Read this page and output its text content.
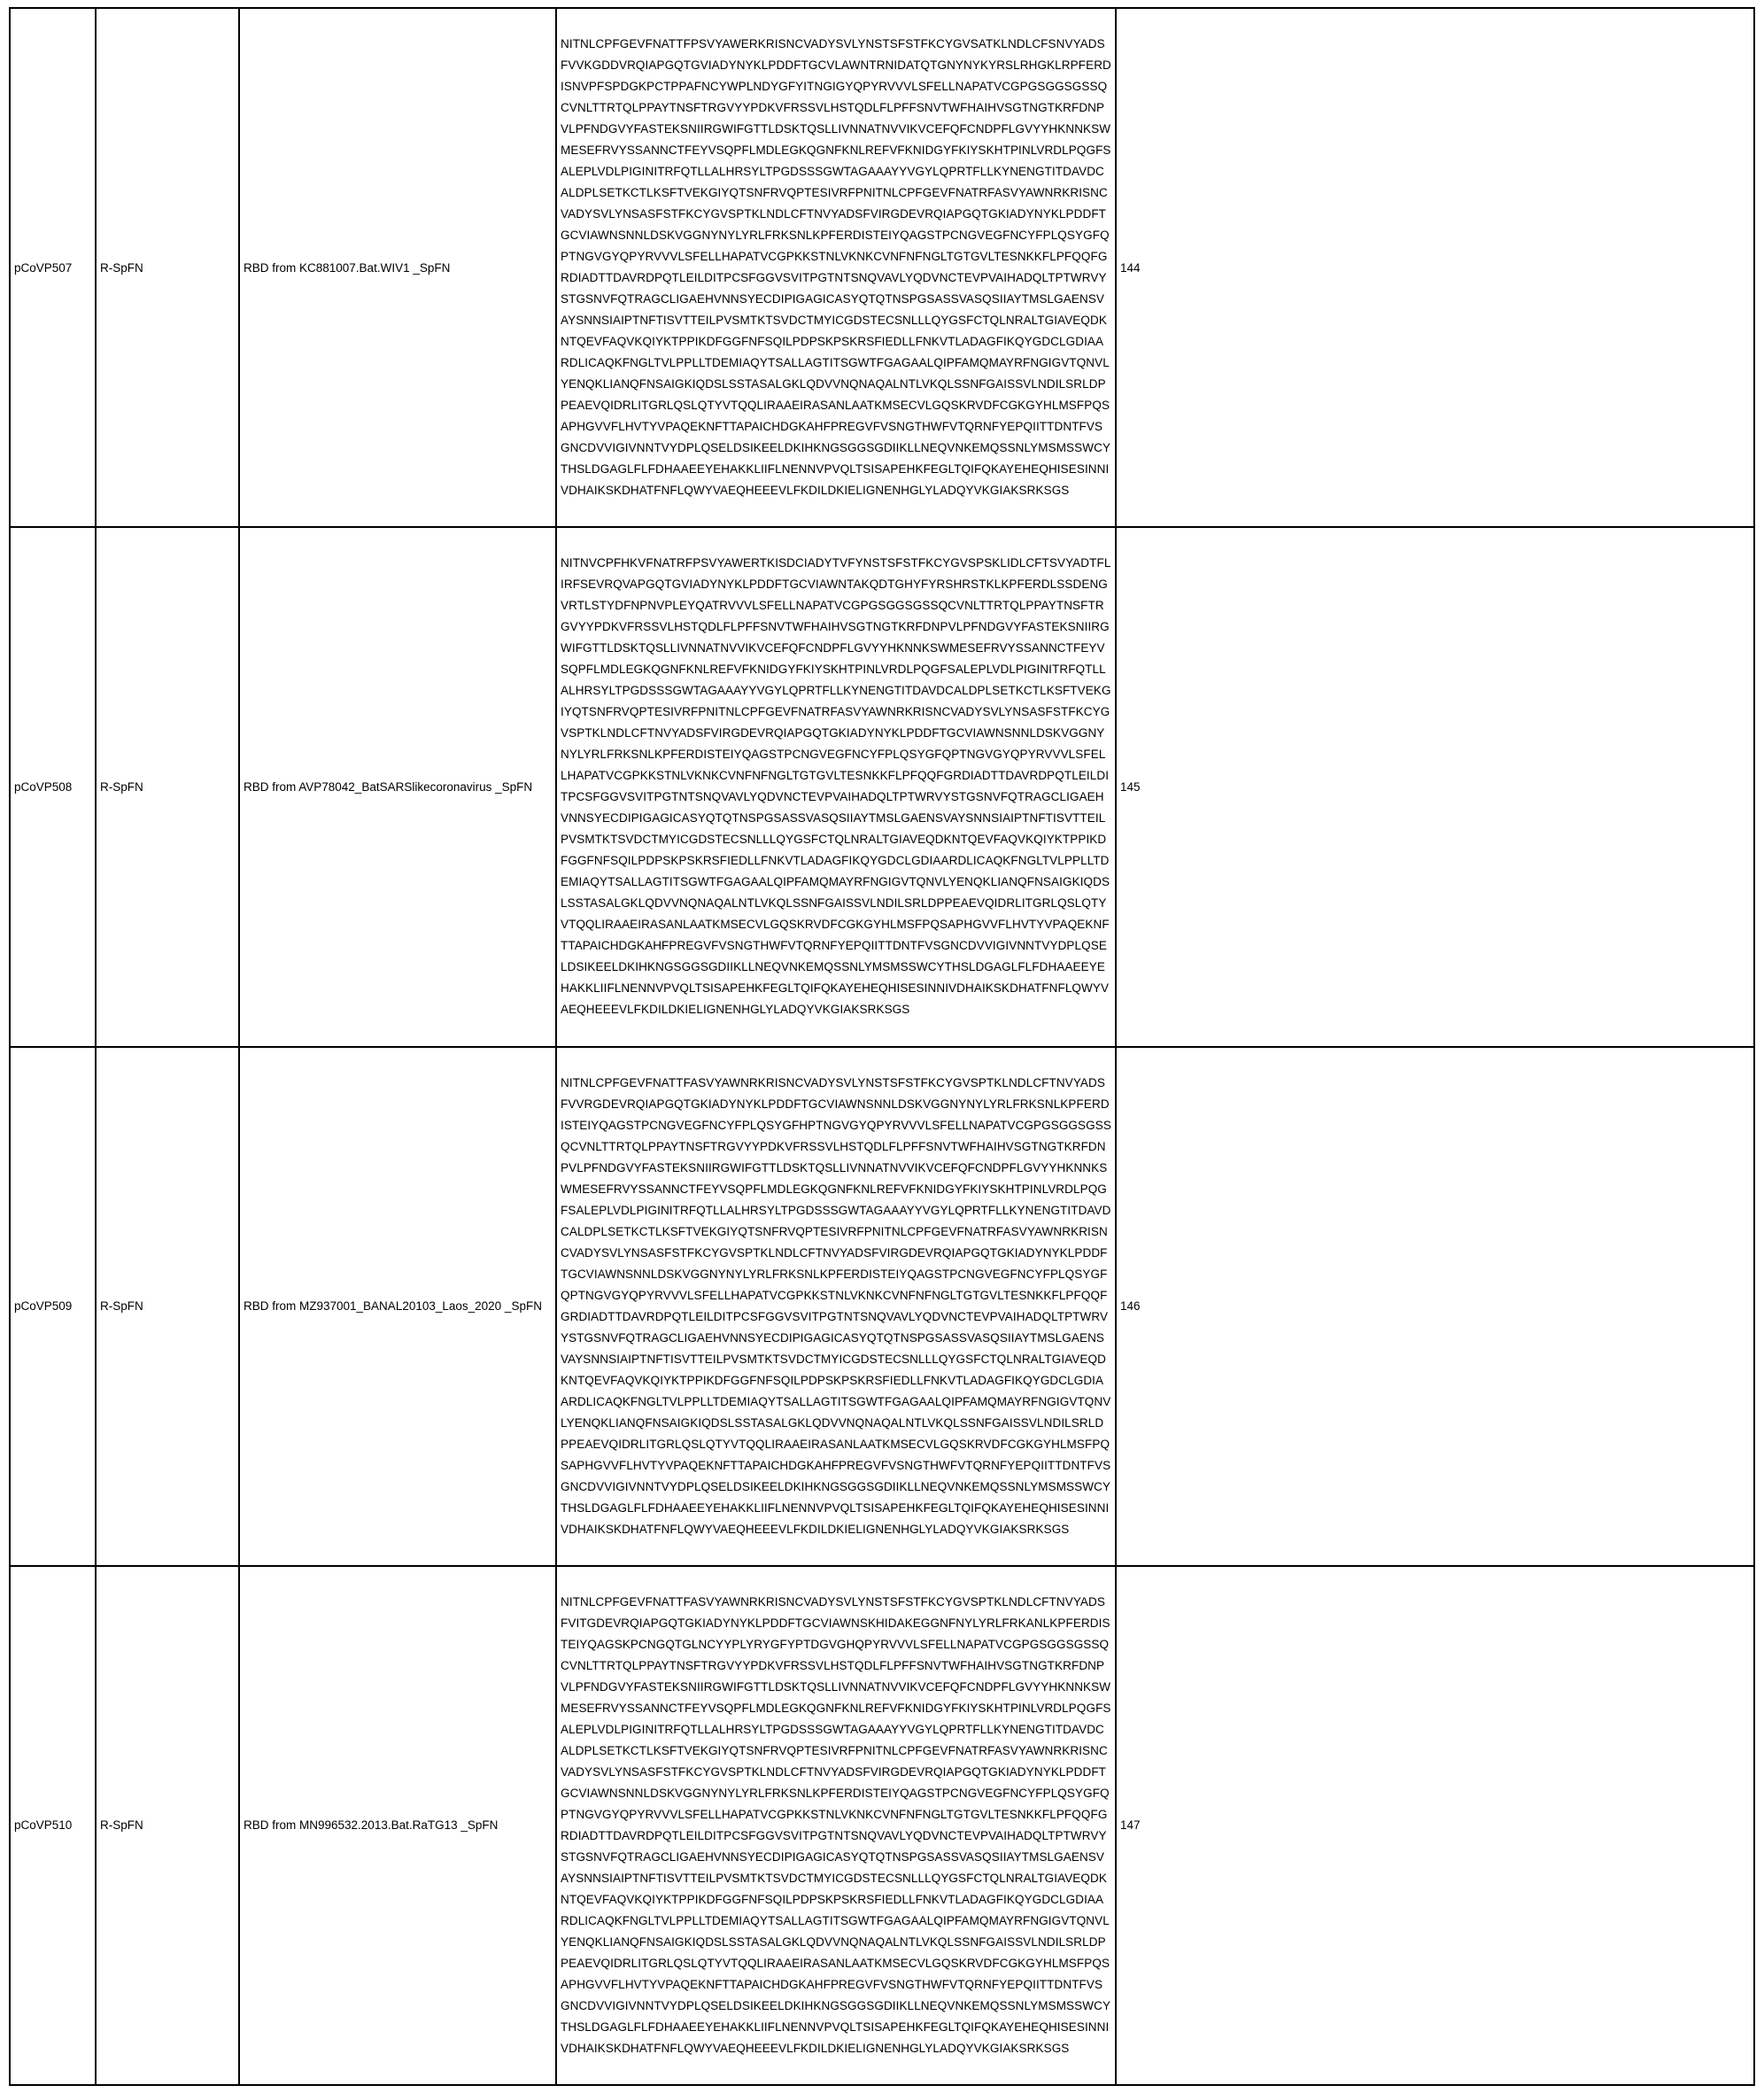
pCoVP507	R-SpFN	RBD from KC881007.Bat.WIV1 _SpFN	NITNLCPFGEVFNATTFPSVYAWERKRISNCVADYSVLYNSTSFSTFKCYGVSATKLNDLCFSNVYADSFVVKGDDVRQIAPGQTGVIADYNYKLPDDFTGCVLAWNTRNIDATQTGNYNYKYRSLRHGKLRPFERDISNVPFSPDGKPCTPPAFNCYWPLNDYGFYITNGIGYQPYRVVVLSFELLNAPATVCGPGSGGSGSSQCVNLTTRTQLPPAYTNSFTRGVYYPDKVFRSSVLHSTQDLFLPFFSNVTWFHAIHVSGTNGTKRFDNPVLPFNDGVYFASTEKSNIIRGWIFGTTLDSKTQSLLIVNNATNVVIKVCEFQFCNDPFLGVYYHKNNKSWMESEFRVYSSANNCTFEYVSQPFLMDLEGKQGNFKNLREFVFKNIDGYFKIYSKHTPINLVRDLPQGFSALEPLVDLPIGINITRFQTLLALHRSYLTPGDSSSGWTAGAAAYYVGYLQPRTFLLKYNENGTITDAVDCALDPLSETKCTLKSFTVEKGIYQTSNFRVQPTESIVRFPNITNLCPFGEVFNATRFASVYAWNRKRISNCVADYSVLYNSASFSTFKCYGVSPTKLNDLCFTNVYADSFVIRGDEVRQIAPGQTGKIADYNYKLPDDFTGCVIAWNSNNLDSKVGGNYNYLYRLFRKSNLKPFERDISTEIYQAGSTPCNGVEGFNCYFPLQSYGFQPTNGVGYQPYRVVVLSFELLHAPATVCGPKKSTNLVKNKCVNFNFNGLTGTGVLTESNKKFLPFQQFGRDIADTTDAVRDPQTLEILDITPCSFGGVSVITPGTNTSNQVAVLYQDVNCTEVPVAIHADQLTPTWRVYSTGSNVFQTRAGCLIGAEHVNNSYECDIPIGAGICASYQTQTNSPGSASSVASQSIIAYTMSLGAENSVAYSNNSIAIPTNFTISVTTEILPVSMTKTSVDCTMYICGDSTECSNLLLQYGSFCTQLNRALTGIAVEQDKNTQEVFAQVKQIYKTPPIKDFGGFNFSQILPDPSKPSKRSFIEDLLFNKVTLADAGFIKQYGDCLGDIAARDLICAQKFNGLTVLPPLLTDEMIAQYTSALLAGTITSGWTFGAGAALQIPFAMQMAYRFNGIGVTQNVLYENQKLIANQFNSAIGKIQDSLSSTASALGKLQDVVNQNAQALNTLVKQLSSNFGAISSVLNDILSRLDPPEAEVQIDRLITGRLQSLQTYVTQQLIRAAEIRASANLAATKMSECVLGQSKRVDFCGKGYHLMSFPQSAPHGVVFLHVTYVPAQEKNFTTAPAICHDGKAHFPREGVFVSNGTHWFVTQRNFYEPQIITTDNTFVSGNCDVVIGIVNNTVYDPLQSELDSIKEELDKIHKNGSGGSGDIIKLLNEQVNKEMQSSNLYMSMSSWCYTHSLDGAGLFLFDHAAEEYEHAKKLIIFLNENNVPVQLTSISAPEHKFEGLTQIFQKAYEHEQHISESINNIVDHAIKSKDHATFNFLQWYVAEQHEEEVLFKDILDKIELIGNENHGLYLADQYVKGIAKSRKSGS	144
pCoVP508	R-SpFN	RBD from AVP78042_BatSARSlikecoronavirus _SpFN	NITNVCPFHKVFNATRFPSVYAWERTKISDCIADYTVFYNSTSFSTFKCYGVSPSKLIDLCFTSVYADTFLIRFSEVRQVAPGQTGVIADYNYKLPDDFTGCVIAWNTAKQDTGHYFYRSHRSTKLKPFERDLSSDENGVRTLSTYDFNPNVPLEYQATRVVVLSFELLNAPATVCGPGSGGSGSSQCVNLTTRTQLPPAYTNSFTRGVYYPDKVFRSSVLHSTQDLFLPFFSNVTWFHAIHVSGTNGTKRFDNPVLPFNDGVYFASTEKSNIIRGWIFGTTLDSKTQSLLIVNNATNVVIKVCEFQFCNDPFLGVYYHKNNKSWMESEFRVYSSANNCTFEYVSQPFLMDLEGKQGNFKNLREFVFKNIDGYFKIYSKHTPINLVRDLPQGFSALEPLVDLPIGINITRFQTLLALHRSYLTPGDSSSGWTAGAAAYYVGYLQPRTFLLKYNENGTITDAVDCALDPLSETKCTLKSFTVEKGIYQTSNFRVQPTESIVRFPNITNLCPFGEVFNATRFASVYAWNRKRISNCVADYSVLYNSASFSTFKCYGVSPTKLNDLCFTNVYADSFVIRGDEVRQIAPGQTGKIADYNYKLPDDFTGCVIAWNSNNLDSKVGGNYNYLYRLFRKSNLKPFERDISTEIYQAGSTPCNGVEGFNCYFPLQSYGFQPTNGVGYQPYRVVVLSFELLHAPATVCGPKKSTNLVKNKCVNFNFNGLTGTGVLTESNKKFLPFQQFGRDIADTTDAVRDPQTLEILDITPCSFGGVSVITPGTNTSNQVAVLYQDVNCTEVPVAIHADQLTPTWRVYSTGSNVFQTRAGCLIGAEHVNNSYECDIPIGAGICASYQTQTNSPGSASSVASQSIIAYTMSLGAENSVAYSNNSIAIPTNFTISVTTEILPVSMTKTSVDCTMYICGDSTECSNLLLQYGSFCTQLNRALTGIAVEQDKNTQEVFAQVKQIYKTPPIKDFGGFNFSQILPDPSKPSKRSFIEDLLFNKVTLADAGFIKQYGDCLGDIAARDLICAQKFNGLTVLPPLLTDEMIAQYTSALLAGTITSGWTFGAGAALQIPFAMQMAYRFNGIGVTQNVLYENQKLIANQFNSAIGKIQDSLSSTASALGKLQDVVNQNAQALNTLVKQLSSNFGAISSVLNDILSRLDPPEAEVQIDRLITGRLQSLQTYVTQQLIRAAEIRASANLAATKMSECVLGQSKRVDFCGKGYHLMSFPQSAPHGVVFLHVTYVPAQEKNFTTAPAICHDGKAHFPREGVFVSNGTHWFVTQRNFYEPQIITTDNTFVSGNCDVVIGIVNNTVYDPLQSELDSIKEELDKIHKNGSGGSGDIIKLLNEQVNKEMQSSNLYMSMSSWCYTHSLDGAGLFLFDHAAEEYEHAKKLIIFLNENNVPVQLTSISAPEHKFEGLTQIFQKAYEHEQHISESINNIVDHAIKSKDHATFNFLQWYVAEQHEEEVLFKDILDKIELIGNENHGLYLADQYVKGIAKSRKSGS	145
pCoVP509	R-SpFN	RBD from MZ937001_BANAL20103_Laos_2020 _SpFN	NITNLCPFGEVFNATTFASVYAWNRKRISNCVADYSVLYNSTSFSTFKCYGVSPTKLNDLCFTNVYADSFVVRGDEVRQIAPGQTGKIADYNYKLPDDFTGCVIAWNSNNLDSKVGGNYNYLYRLFRKSNLKPFERDISTEIYQAGSTPCNGVEGFNCYFPLQSYGFHPTNGVGYQPYRVVVLSFELLNAPATVCGPGSGGSGSSQCVNLTTRTQLPPAYTNSFTRGVYYPDKVFRSSVLHSTQDLFLPFFSNVTWFHAIHVSGTNGTKRFDNPVLPFNDGVYFASTEKSNIIRGWIFGTTLDSKTQSLLIVNNATNVVIKVCEFQFCNDPFLGVYYHKNNKSWMESEFRVYSSANNCTFEYVSQPFLMDLEGKQGNFKNLREFVFKNIDGYFKIYSKHTPINLVRDLPQGFSALEPLVDLPIGINITRFQTLLALHRSYLTPGDSSSGWTAGAAAYYVGYLQPRTFLLKYNENGTITDAVDCALDPLSETKCTLKSFTVEKGIYQTSNFRVQPTESIVRFPNITNLCPFGEVFNATRFASVYAWNRKRISNCVADYSVLYNSASFSTFKCYGVSPTKLNDLCFTNVYADSFVIRGDEVRQIAPGQTGKIADYNYKLPDDFTGCVIAWNSNNLDSKVGGNYNYLYRLFRKSNLKPFERDISTEIYQAGSTPCNGVEGFNCYFPLQSYGFQPTNGVGYQPYRVVVLSFELLHAPATVCGPKKSTNLVKNKCVNFNFNGLTGTGVLTESNKKFLPFQQFGRDIADTTDAVRDPQTLEILDITPCSFGGVSVITPGTNTSNQVAVLYQDVNCTEVPVAIHADQLTPTWRVYSTGSNVFQTRAGCLIGAEHVNNSYECDIPIGAGICASYQTQTNSPGSASSVASQSIIAYTMSLGAENSVAYSNNSIAIPTNFTISVTTEILPVSMTKTSVDCTMYICGDSTECSNLLLQYGSFCTQLNRALTGIAVEQDKNTQEVFAQVKQIYKTPPIKDFGGFNFSQILPDPSKPSKRSFIEDLLFNKVTLADAGFIKQYGDCLGDIAARDLICAQKFNGLTVLPPLLTDEMIAQYTSALLAGTITSGWTFGAGAALQIPFAMQMAYRFNGIGVTQNVLYENQKLIANQFNSAIGKIQDSLSSTASALGKLQDVVNQNAQALNTLVKQLSSNFGAISSVLNDILSRLDPPEAEVQIDRLITGRLQSLQTYVTQQLIRAAEIRASANLAATKMSECVLGQSKRVDFCGKGYHLMSFPQSAPHGVVFLHVTYVPAQEKNFTTAPAICHDGKAHFPREGVFVSNGTHWFVTQRNFYEPQIITTDNTFVSGNCDVVIGIVNNTVYDPLQSELDSIKEELDKIHKNGSGGSGDIIKLLNEQVNKEMQSSNLYMSMSSWCYTHSLDGAGLFLFDHAAEEYEHAKKLIIFLNENNVPVQLTSISAPEHKFEGLTQIFQKAYEHEQHISESINNIVDHAIKSKDHATFNFLQWYVAEQHEEEVLFKDILDKIELIGNENHGLYLADQYVKGIAKSRKSGS	146
pCoVP510	R-SpFN	RBD from MN996532.2013.Bat.RaTG13 _SpFN	NITNLCPFGEVFNATTFASVYAWNRKRISNCVADYSVLYNSTSFSTFKCYGVSPTKLNDLCFTNVYADSFVITGDEVRQIAPGQTGKIADYNYKLPDDFTGCVIAWNSKHIDAKEGGNFNYLYRLFRKANLKPFERDISTEIYQAGSKPCNGQTGLNCYYPLYRYGFYPTDGVGHQPYRVVVLSFELLNAPATVCGPGSGGSGSSQCVNLTTRTQLPPAYTNSFTRGVYYPDKVFRSSVLHSTQDLFLPFFSNVTWFHAIHVSGTNGTKRFDNPVLPFNDGVYFASTEKSNIIRGWIFGTTLDSKTQSLLIVNNATNVVIKVCEFQFCNDPFLGVYYHKNNKSWMESEFRVYSSANNCTFEYVSQPFLMDLEGKQGNFKNLREFVFKNIDGYFKIYSKHTPINLVRDLPQGFSALEPLVDLPIGINITRFQTLLALHRSYLTPGDSSSGWTAGAAAYYVGYLQPRTFLLKYNENGTITDAVDCALDPLSETKCTLKSFTVEKGIYQTSNFRVQPTESIVRFPNITNLCPFGEVFNATRFASVYAWNRKRISNCVADYSVLYNSASFSTFKCYGVSPTKLNDLCFTNVYADSFVIRGDEVRQIAPGQTGKIADYNYKLPDDFTGCVIAWNSNNLDSKVGGNYNYLYRLFRKSNLKPFERDISTEIYQAGSTPCNGVEGFNCYFPLQSYGFQPTNGVGYQPYRVVVLSFELLHAPATVCGPKKSTNLVKNKCVNFNFNGLTGTGVLTESNKKFLPFQQFGRDIADTTDAVRDPQTLEILDITPCSFGGVSVITPGTNTSNQVAVLYQDVNCTEVPVAIHADQLTPTWRVYSTGSNVFQTRAGCLIGAEHVNNSYECDIPIGAGICASYQTQTNSPGSASSVASQSIIAYTMSLGAENSVAYSNNSIAIPTNFTISVTTEILPVSMTKTSVDCTMYICGDSTECSNLLLQYGSFCTQLNRALTGIAVEQDKNTQEVFAQVKQIYKTPPIKDFGGFNFSQILPDPSKPSKRSFIEDLLFNKVTLADAGFIKQYGDCLGDIAARDLICAQKFNGLTVLPPLLTDEMIAQYTSALLAGTITSGWTFGAGAALQIPFAMQMAYRFNGIGVTQNVLYENQKLIANQFNSAIGKIQDSLSSTASALGKLQDVVNQNAQALNTLVKQLSSNFGAISSVLNDILSRLDPPEAEVQIDRLITGRLQSLQTYVTQQLIRAAEIRASANLAATKMSECVLGQSKRVDFCGKGYHLMSFPQSAPHGVVFLHVTYVPAQEKNFTTAPAICHDGKAHFPREGVFVSNGTHWFVTQRNFYEPQIITTDNTFVSGNCDVVIGIVNNTVYDPLQSELDSIKEELDKIHKNGSGGSGDIIKLLNEQVNKEMQSSNLYMSMSSWCYTHSLDGAGLFLFDHAAEEYEHAKKLIIFLNENNVPVQLTSISAPEHKFEGLTQIFQKAYEHEQHISESINNIVDHAIKSKDHATFNFLQWYVAEQHEEEVLFKDILDKIELIGNENHGLYLADQYVKGIAKSRKSGS	147
